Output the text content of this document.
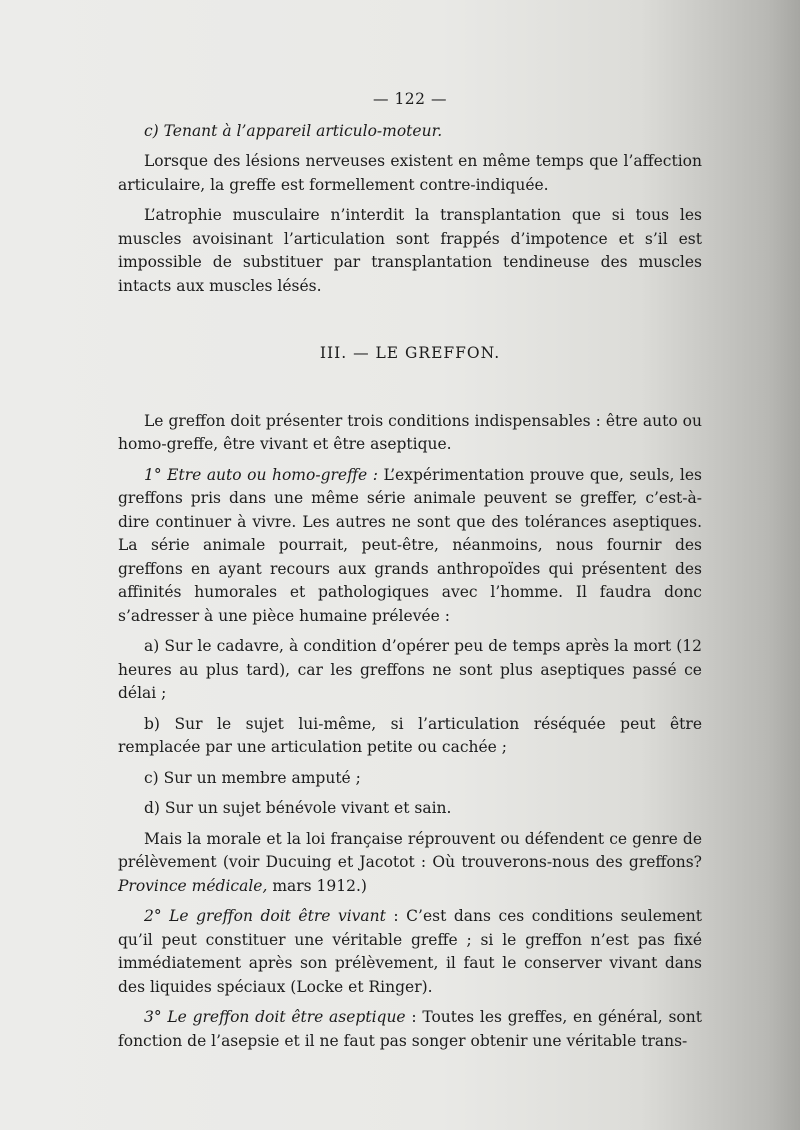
— 122 —

c) Tenant à l’appareil articulo-moteur.

Lorsque des lésions nerveuses existent en même temps que l’affection articulaire, la greffe est formellement contre-indiquée.

L’atrophie musculaire n’interdit la transplantation que si tous les muscles avoisinant l’articulation sont frappés d’impotence et s’il est impossible de substituer par transplantation tendineuse des muscles intacts aux muscles lésés.

III. — LE GREFFON.

Le greffon doit présenter trois conditions indispensables : être auto ou homo-greffe, être vivant et être aseptique.

1° Etre auto ou homo-greffe : L’expérimentation prouve que, seuls, les greffons pris dans une même série animale peuvent se greffer, c’est-à-dire continuer à vivre. Les autres ne sont que des tolérances aseptiques. La série animale pourrait, peut-être, néanmoins, nous fournir des greffons en ayant recours aux grands anthropoïdes qui présentent des affinités humorales et pathologiques avec l’homme. Il faudra donc s’adresser à une pièce humaine prélevée :

a) Sur le cadavre, à condition d’opérer peu de temps après la mort (12 heures au plus tard), car les greffons ne sont plus aseptiques passé ce délai ;

b) Sur le sujet lui-même, si l’articulation réséquée peut être remplacée par une articulation petite ou cachée ;

c) Sur un membre amputé ;

d) Sur un sujet bénévole vivant et sain.

Mais la morale et la loi française réprouvent ou défendent ce genre de prélèvement (voir Ducuing et Jacotot : Où trouverons-nous des greffons? Province médicale, mars 1912.)

2° Le greffon doit être vivant : C’est dans ces conditions seulement qu’il peut constituer une véritable greffe ; si le greffon n’est pas fixé immédiatement après son prélèvement, il faut le conserver vivant dans des liquides spéciaux (Locke et Ringer).

3° Le greffon doit être aseptique : Toutes les greffes, en général, sont fonction de l’asepsie et il ne faut pas songer obtenir une véritable trans-
